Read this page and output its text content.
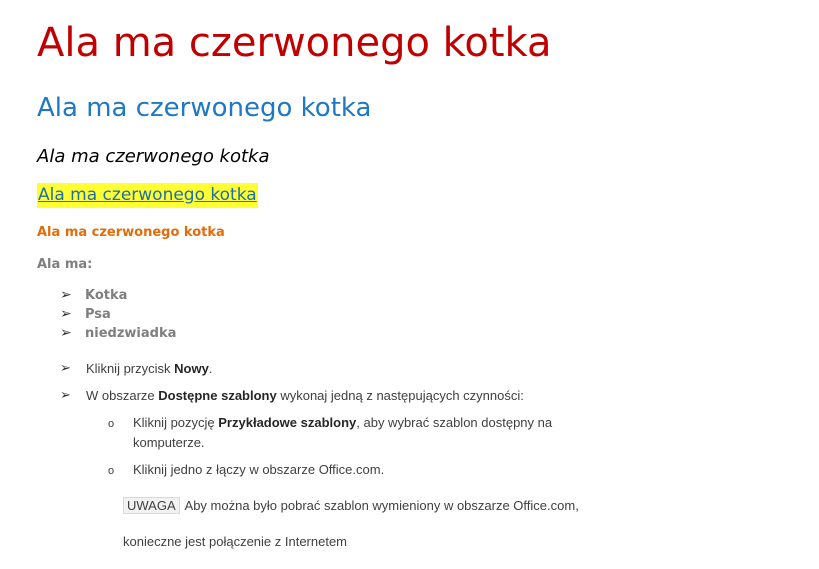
Ala ma czerwonego kotka
Ala ma czerwonego kotka
Ala ma czerwonego kotka
Ala ma czerwonego kotka
Ala ma czerwonego kotka
Ala ma:
➢ Kotka
➢ Psa
➢ niedzwiadka
➢ Kliknij przycisk Nowy.
➢ W obszarze Dostępne szablony wykonaj jedną z następujących czynności:
o Kliknij pozycję Przykładowe szablony, aby wybrać szablon dostępny na komputerze.
o Kliknij jedno z łączy w obszarze Office.com.
UWAGA Aby można było pobrać szablon wymieniony w obszarze Office.com,
konieczne jest połączenie z Internetem
